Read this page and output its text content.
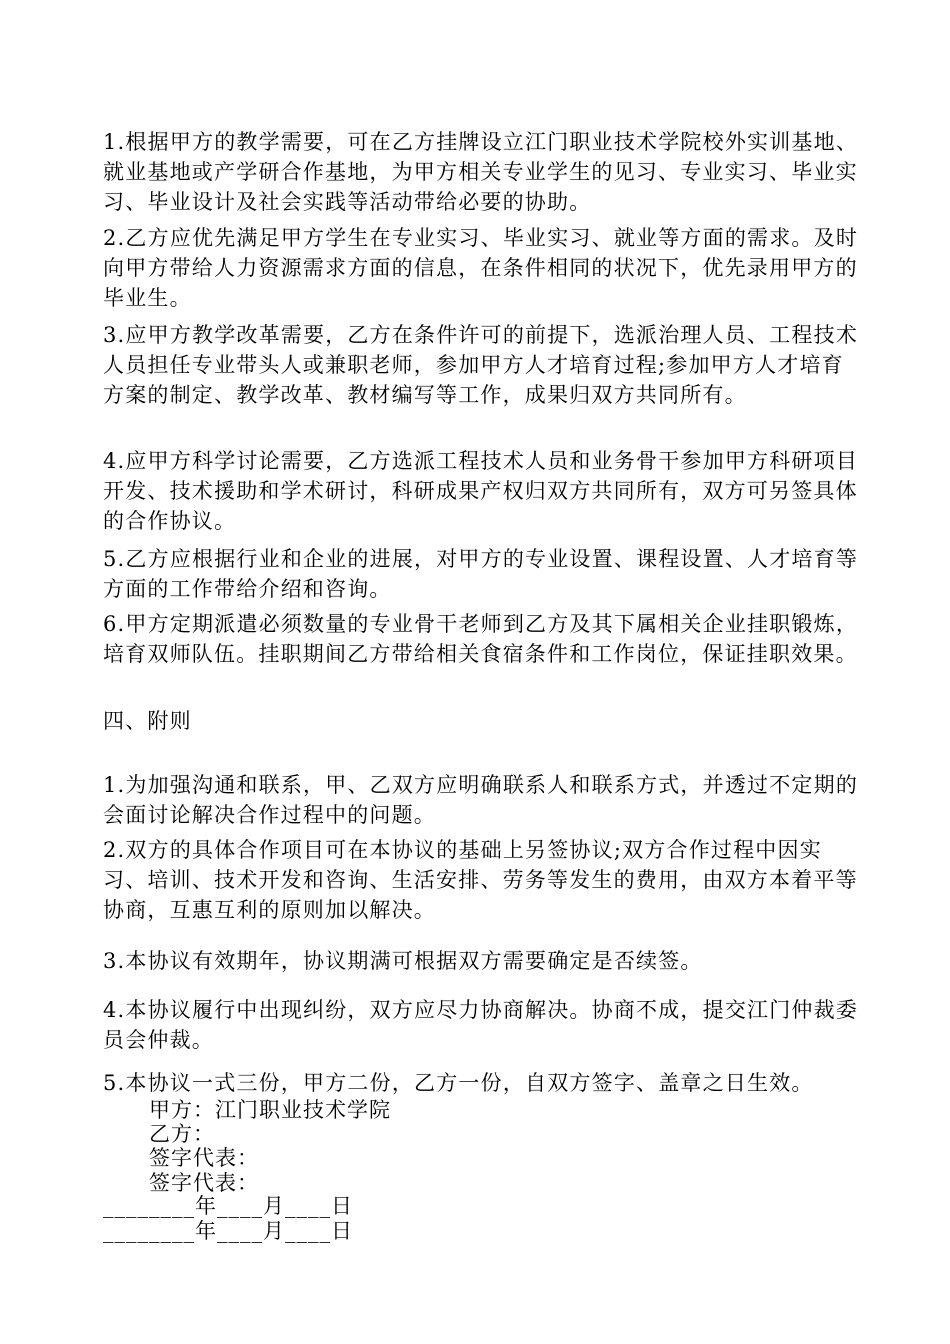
1.根据甲方的教学需要，可在乙方挂牌设立江门职业技术学院校外实训基地、就业基地或产学研合作基地，为甲方相关专业学生的见习、专业实习、毕业实习、毕业设计及社会实践等活动带给必要的协助。

2.乙方应优先满足甲方学生在专业实习、毕业实习、就业等方面的需求。及时向甲方带给人力资源需求方面的信息，在条件相同的状况下，优先录用甲方的毕业生。

3.应甲方教学改革需要，乙方在条件许可的前提下，选派治理人员、工程技术人员担任专业带头人或兼职老师，参加甲方人才培育过程;参加甲方人才培育方案的制定、教学改革、教材编写等工作，成果归双方共同所有。

4.应甲方科学讨论需要，乙方选派工程技术人员和业务骨干参加甲方科研项目开发、技术援助和学术研讨，科研成果产权归双方共同所有，双方可另签具体的合作协议。

5.乙方应根据行业和企业的进展，对甲方的专业设置、课程设置、人才培育等方面的工作带给介绍和咨询。

6.甲方定期派遣必须数量的专业骨干老师到乙方及其下属相关企业挂职锻炼，培育双师队伍。挂职期间乙方带给相关食宿条件和工作岗位，保证挂职效果。

四、附则

1.为加强沟通和联系，甲、乙双方应明确联系人和联系方式，并透过不定期的会面讨论解决合作过程中的问题。

2.双方的具体合作项目可在本协议的基础上另签协议;双方合作过程中因实习、培训、技术开发和咨询、生活安排、劳务等发生的费用，由双方本着平等协商，互惠互利的原则加以解决。

3.本协议有效期年，协议期满可根据双方需要确定是否续签。

4.本协议履行中出现纠纷，双方应尽力协商解决。协商不成，提交江门仲裁委员会仲裁。

5.本协议一式三份，甲方二份，乙方一份，自双方签字、盖章之日生效。

甲方：江门职业技术学院

乙方：

签字代表：

签字代表：

________年____月____日

________年____月____日
